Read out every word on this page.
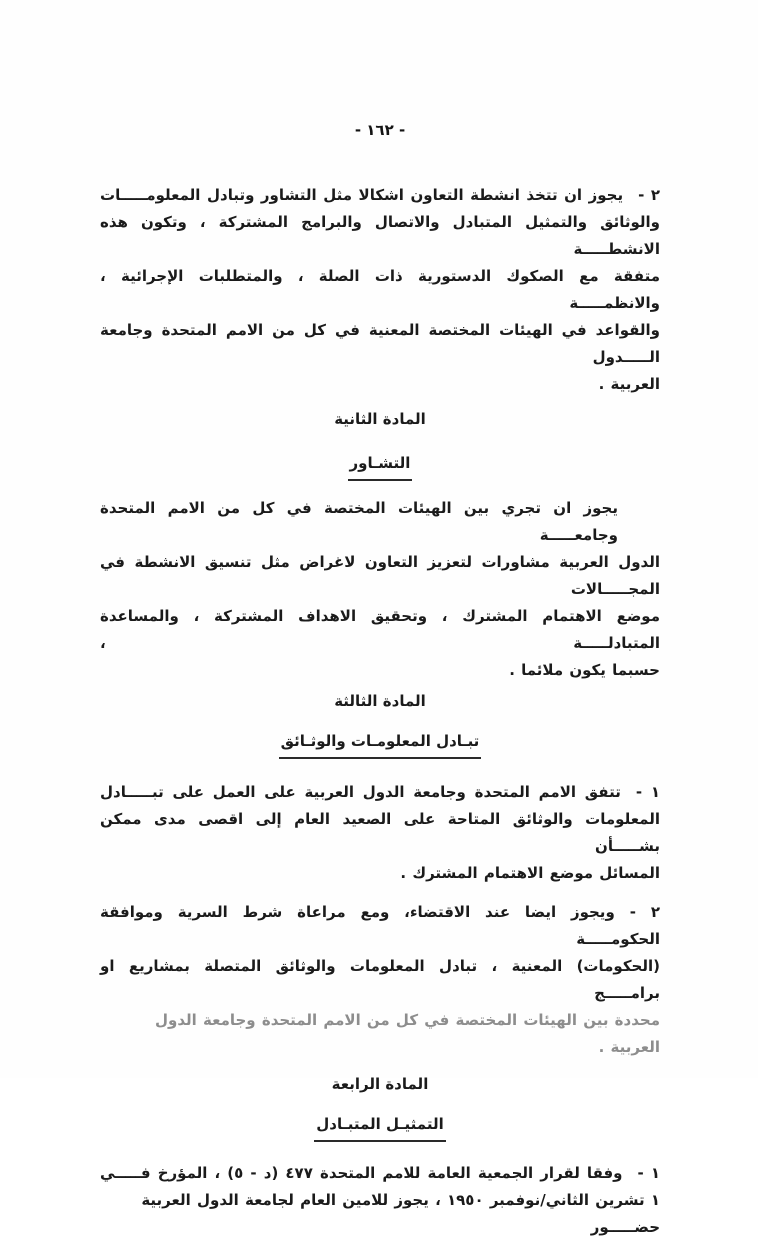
- ١٦٢ -
٢ -  يجوز ان تتخذ انشطة التعاون اشكالا مثل التشاور وتبادل المعلومـــــات
والوثائق والتمثيل المتبادل والاتصال والبرامج المشتركة ، وتكون هذه الانشطـــــة
متفقة مع الصكوك الدستورية ذات الصلة ، والمتطلبات الإجرائية ، والانظمـــــة
والقواعد في الهيئات المختصة المعنية في كل من الامم المتحدة وجامعة الـــــدول
العربية .
المادة الثانية
التشـاور
يجوز ان تجري بين الهيئات المختصة في كل من الامم المتحدة وجامعـــــة
الدول العربية مشاورات لتعزيز التعاون لاغراض مثل تنسيق الانشطة في المجـــــالات
موضع الاهتمام المشترك ، وتحقيق الاهداف المشتركة ، والمساعدة المتبادلـــــة ،
حسبما يكون ملائما .
المادة الثالثة
تبـادل المعلومـات والوثـائق
١ -  تتفق الامم المتحدة وجامعة الدول العربية على العمل على تبـــــادل
المعلومات والوثائق المتاحة على الصعيد العام إلى اقصى مدى ممكن بشـــــأن
المسائل موضع الاهتمام المشترك .
٢ -  ويجوز ايضا عند الاقتضاء، ومع مراعاة شرط السرية وموافقة الحكومـــــة
(الحكومات) المعنية ، تبادل المعلومات والوثائق المتصلة بمشاريع او برامـــــج
محددة بين الهيئات المختصة في كل من الامم المتحدة وجامعة الدول العربية .
المادة الرابعة
التمثيـل المتبـادل
١ -  وفقا لقرار الجمعية العامة للامم المتحدة ٤٧٧ (د - ٥) ، المؤرخ فـــــي
١ تشرين الثاني/نوفمبر ١٩٥٠ ، يجوز للامين العام لجامعة الدول العربية حضـــــور
